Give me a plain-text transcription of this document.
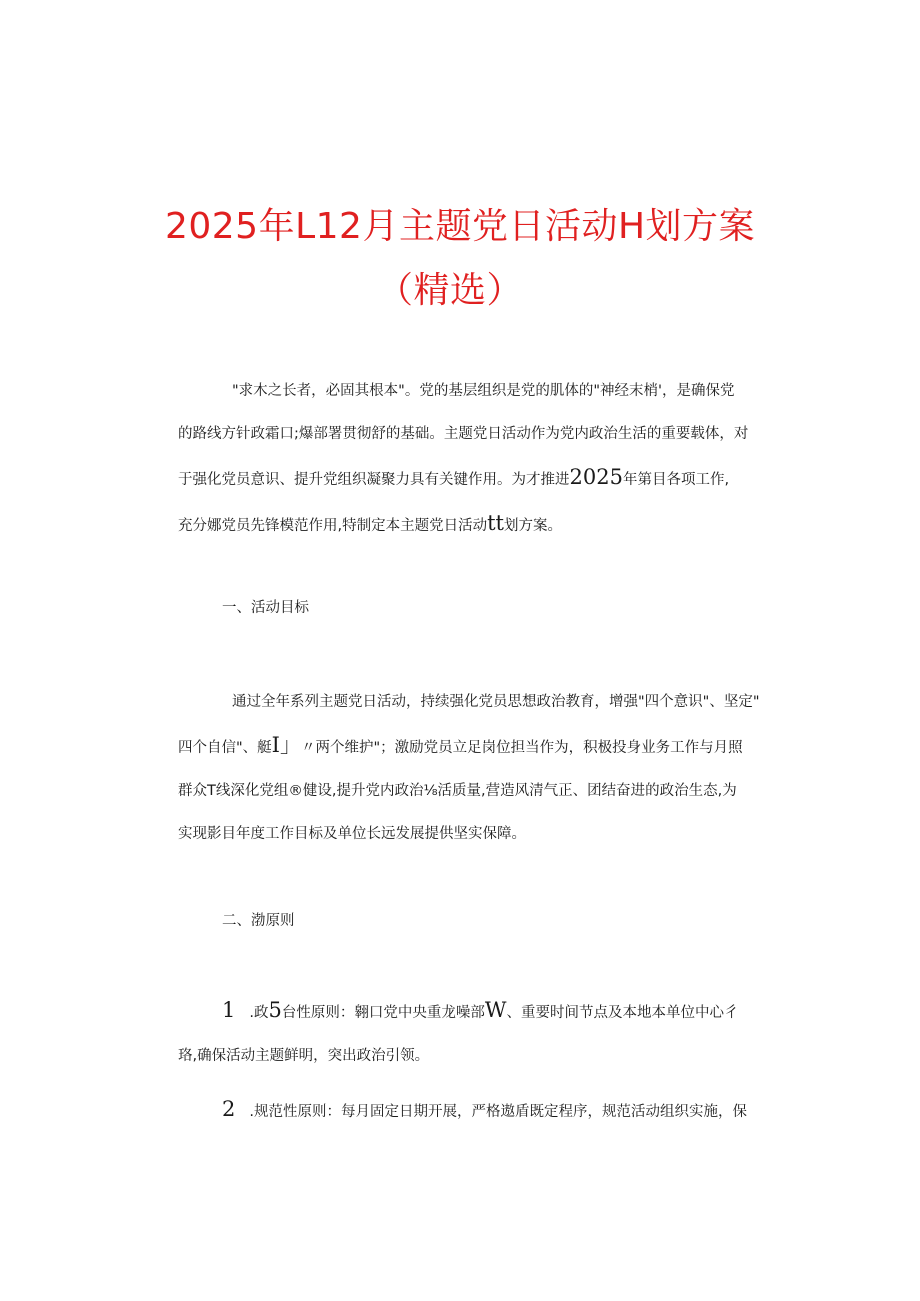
2025年L12月主题党日活动H划方案
（精选）
"求木之长者，必固其根本"。党的基层组织是党的肌体的"神经末梢'，是确保党
的路线方针政霜口;爆部署贯彻舒的基础。主题党日活动作为党内政治生活的重要载体，对
于强化党员意识、提升党组织凝聚力具有关键作用。为才推进2025年第目各项工作,
充分娜党员先锋模范作用,特制定本主题党日活动tt划方案。
一、活动目标
通过全年系列主题党日活动，持续强化党员思想政治教育，增强"四个意识"、坚定"
四个自信"、艇I」〃两个维护"；激励党员立足岗位担当作为，积极投身业务工作与月照
群众T线深化党组®健设,提升党内政治⅛活质量,营造风清气正、团结奋进的政治生态,为
实现影目年度工作目标及单位长远发展提供坚实保障。
二、渤原则
1 .政5台性原则：翱口党中央重龙噪部W、重要时间节点及本地本单位中心彳
珞,确保活动主题鲜明，突出政治引领。
2 .规范性原则：每月固定日期开展，严格遨盾既定程序，规范活动组织实施，保
